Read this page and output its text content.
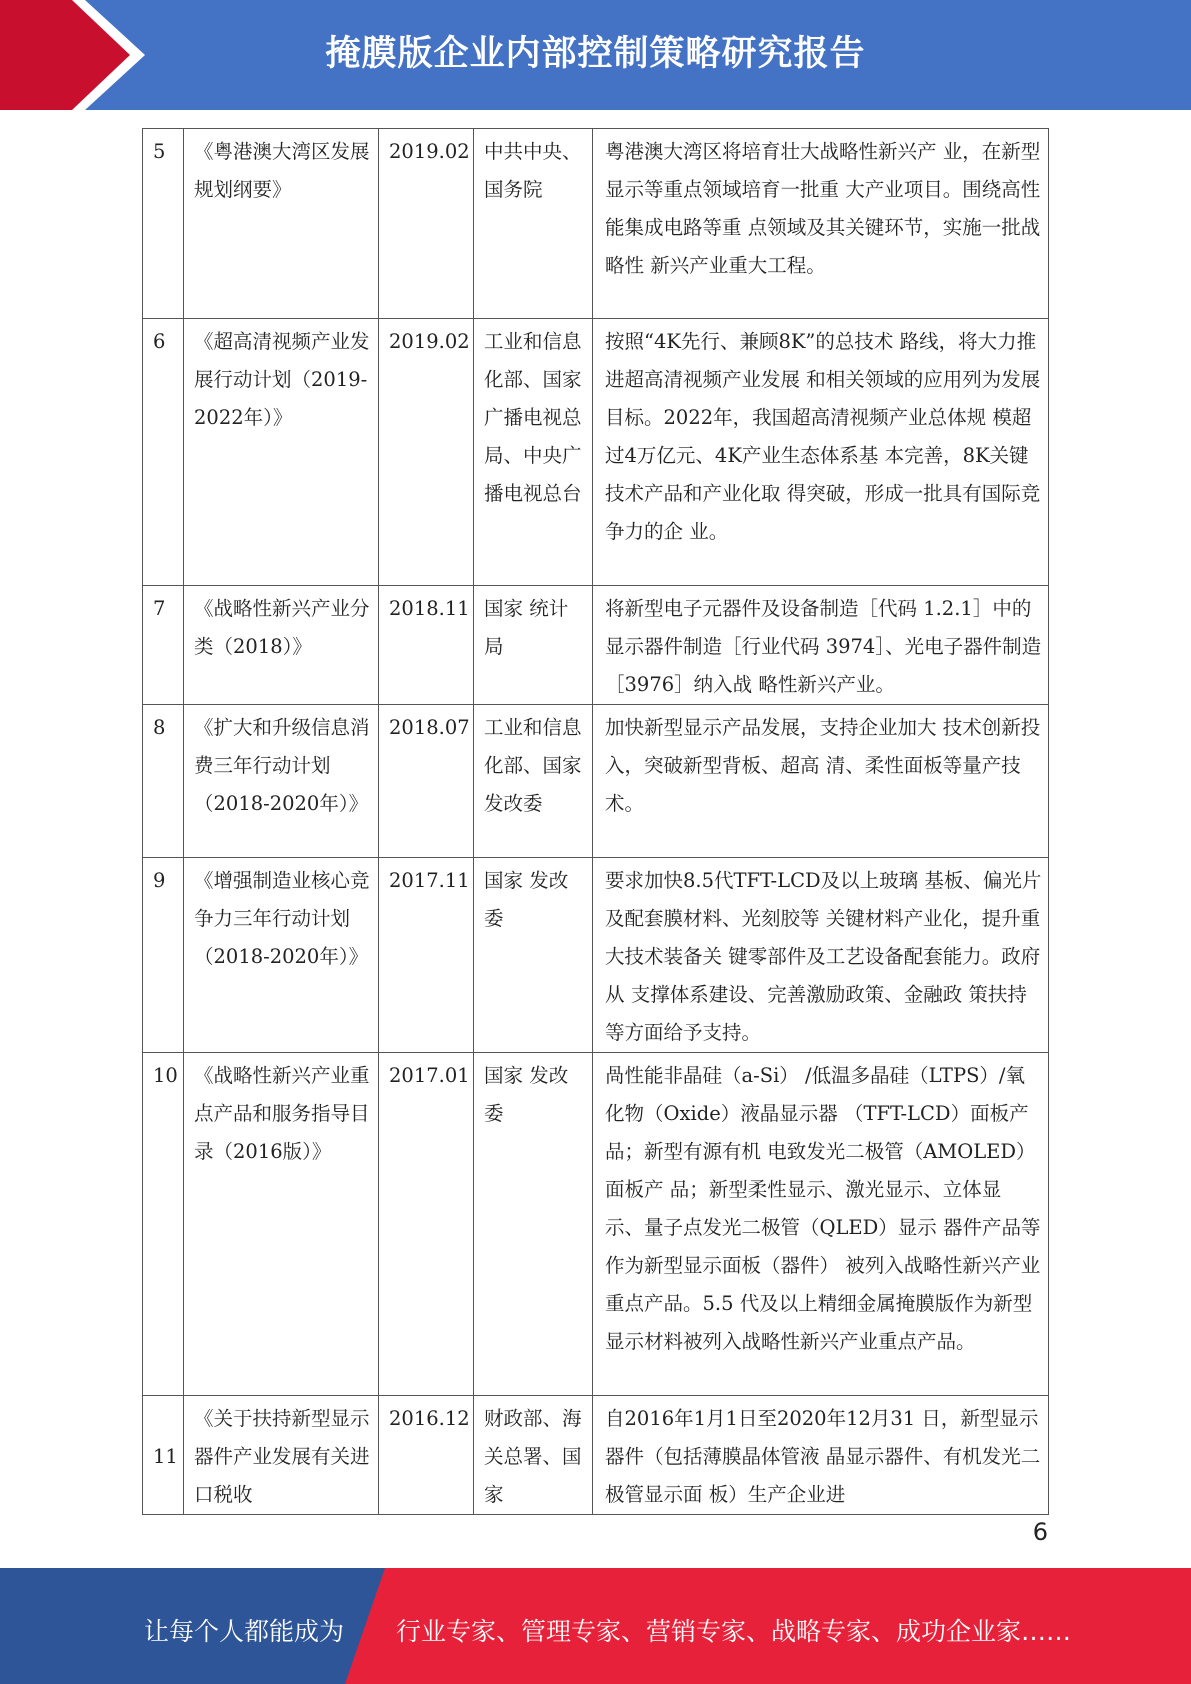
掩膜版企业内部控制策略研究报告
5	《粤港澳大湾区发展规划纲要》	2019.02	中共中央、国务院	粤港澳大湾区将培育壮大战略性新兴产 业，在新型显示等重点领域培育一批重 大产业项目。围绕高性能集成电路等重 点领域及其关键环节，实施一批战略性 新兴产业重大工程。
6	《超高清视频产业发展行动计划（2019-2022年）》	2019.02	工业和信息化部、国家广播电视总局、中央广播电视总台	按照“4K先行、兼顾8K”的总技术 路线，将大力推进超高清视频产业发展 和相关领域的应用列为发展目标。2022年，我国超高清视频产业总体规 模超过4万亿元、4K产业生态体系基 本完善，8K关键技术产品和产业化取 得突破，形成一批具有国际竞争力的企 业。
7	《战略性新兴产业分类（2018）》	2018.11	国家 统计局	将新型电子元器件及设备制造［代码 1.2.1］中的显示器件制造［行业代码 3974］、光电子器件制造［3976］纳入战 略性新兴产业。
8	《扩大和升级信息消费三年行动计划（2018-2020年）》	2018.07	工业和信息化部、国家发改委	加快新型显示产品发展，支持企业加大 技术创新投入，突破新型背板、超高 清、柔性面板等量产技术。
9	《增强制造业核心竞争力三年行动计划（2018-2020年）》	2017.11	国家 发改委	要求加快8.5代TFT-LCD及以上玻璃 基板、偏光片及配套膜材料、光刻胶等 关键材料产业化，提升重大技术装备关 键零部件及工艺设备配套能力。政府从 支撑体系建设、完善激励政策、金融政 策扶持等方面给予支持。
10	《战略性新兴产业重点产品和服务指导目录（2016版）》	2017.01	国家 发改委	咼性能非晶硅（a-Si） /低温多晶硅（LTPS）/氧化物（Oxide）液晶显示器 （TFT-LCD）面板产品；新型有源有机 电致发光二极管（AMOLED）面板产 品；新型柔性显示、激光显示、立体显 示、量子点发光二极管（QLED）显示 器件产品等作为新型显示面板（器件） 被列入战略性新兴产业重点产品。5.5 代及以上精细金属掩膜版作为新型显示材料被列入战略性新兴产业重点产品。
11	《关于扶持新型显示器件产业发展有关进口税收	2016.12	财政部、海关总署、国家	自2016年1月1日至2020年12月31 日，新型显示器件（包括薄膜晶体管液 晶显示器件、有机发光二极管显示面 板）生产企业进
6
让每个人都能成为 行业专家、管理专家、营销专家、战略专家、成功企业家……
